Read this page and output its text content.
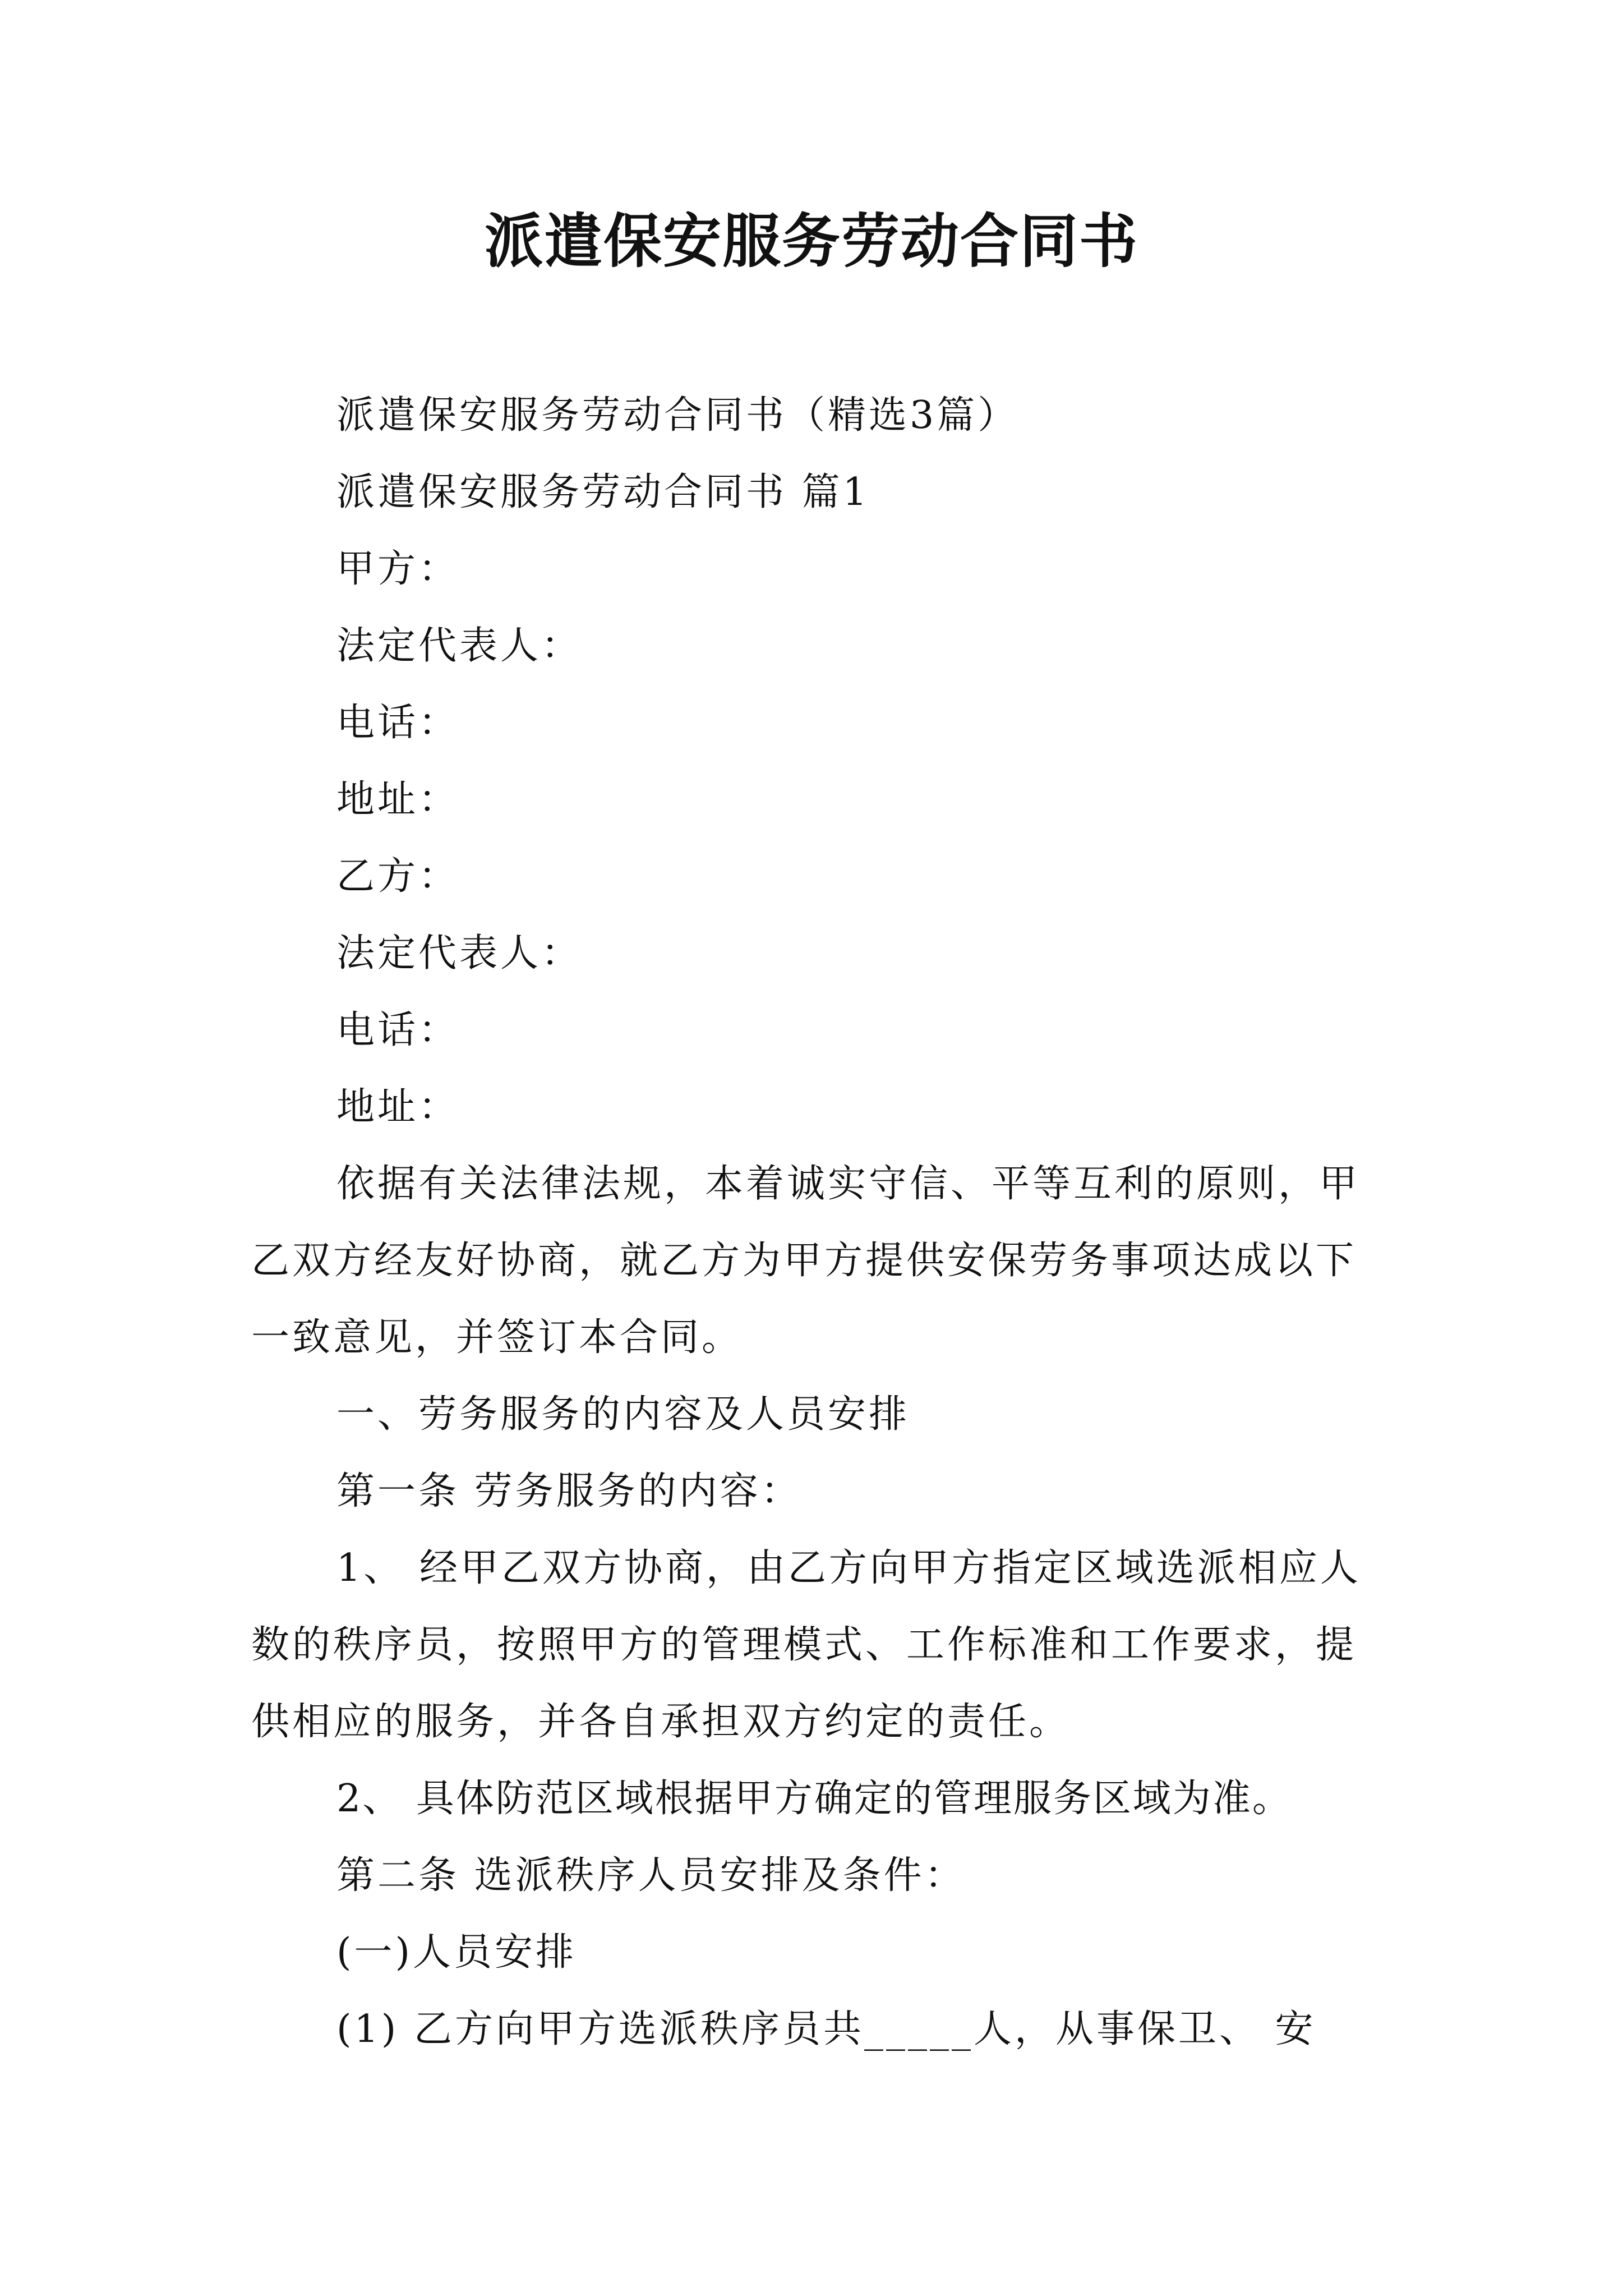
派遣保安服务劳动合同书

派遣保安服务劳动合同书（精选3篇）

派遣保安服务劳动合同书 篇1

甲方：

法定代表人：

电话：

地址：

乙方：

法定代表人：

电话：

地址：

依据有关法律法规，本着诚实守信、平等互利的原则，甲乙双方经友好协商，就乙方为甲方提供安保劳务事项达成以下一致意见，并签订本合同。

一、劳务服务的内容及人员安排

第一条 劳务服务的内容：

1、 经甲乙双方协商，由乙方向甲方指定区域选派相应人数的秩序员，按照甲方的管理模式、工作标准和工作要求，提供相应的服务，并各自承担双方约定的责任。

2、 具体防范区域根据甲方确定的管理服务区域为准。

第二条 选派秩序人员安排及条件：

(一)人员安排

(1) 乙方向甲方选派秩序员共_____人，从事保卫、 安
